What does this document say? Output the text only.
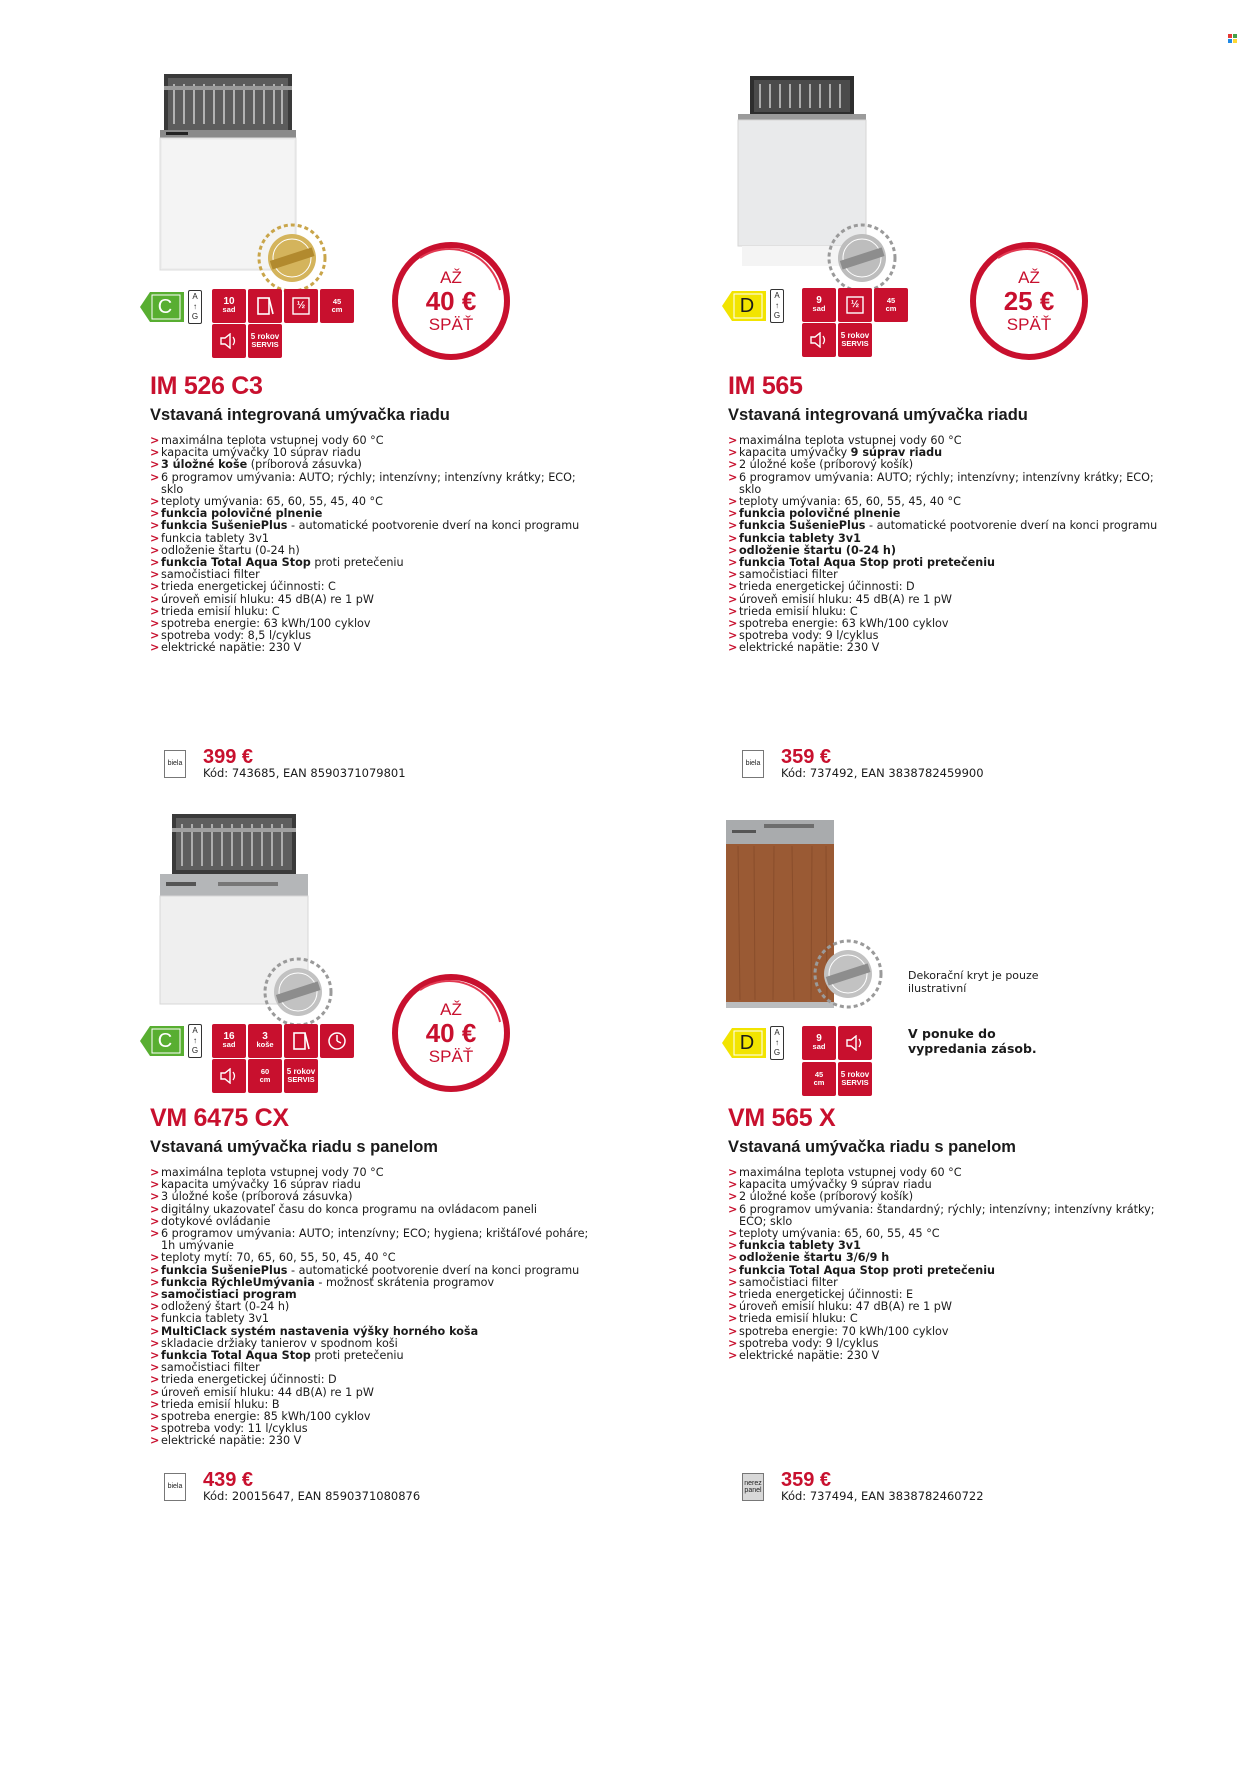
C	A
↑
G
10
sad	½	45
cm
5 rokov
SERVIS
AŽ
40 €
SPÄŤ
IM 526 C3
Vstavaná integrovaná umývačka riadu
> maximálna teplota vstupnej vody 60 °C
> kapacita umývačky 10 súprav riadu
> 3 úložné koše (príborová zásuvka)
> 6 programov umývania: AUTO; rýchly; intenzívny; intenzívny krátky; ECO; sklo
> teploty umývania: 65, 60, 55, 45, 40 °C
> funkcia polovičné plnenie
> funkcia SušeniePlus - automatické pootvorenie dverí na konci programu
> funkcia tablety 3v1
> odloženie štartu (0-24 h)
> funkcia Total Aqua Stop proti pretečeniu
> samočistiaci filter
> trieda energetickej účinnosti: C
> úroveň emisií hluku: 45 dB(A) re 1 pW
> trieda emisií hluku: C
> spotreba energie: 63 kWh/100 cyklov
> spotreba vody: 8,5 l/cyklus
> elektrické napätie: 230 V
biela 399 €
Kód: 743685, EAN 8590371079801
D	A
↑
G
9
sad	½	45
cm
5 rokov
SERVIS
AŽ
25 €
SPÄŤ
IM 565
Vstavaná integrovaná umývačka riadu
> maximálna teplota vstupnej vody 60 °C
> kapacita umývačky 9 súprav riadu
> 2 úložné koše (príborový košík)
> 6 programov umývania: AUTO; rýchly; intenzívny; intenzívny krátky; ECO; sklo
> teploty umývania: 65, 60, 55, 45, 40 °C
> funkcia polovičné plnenie
> funkcia SušeniePlus - automatické pootvorenie dverí na konci programu
> funkcia tablety 3v1
> odloženie štartu (0-24 h)
> funkcia Total Aqua Stop proti pretečeniu
> samočistiaci filter
> trieda energetickej účinnosti: D
> úroveň emisií hluku: 45 dB(A) re 1 pW
> trieda emisií hluku: C
> spotreba energie: 63 kWh/100 cyklov
> spotreba vody: 9 l/cyklus
> elektrické napätie: 230 V
biela 359 €
Kód: 737492, EAN 3838782459900
C	A
↑
G
16
sad
3
koše
60
cm
5 rokov
SERVIS
AŽ
40 €
SPÄŤ
VM 6475 CX
Vstavaná umývačka riadu s panelom
> maximálna teplota vstupnej vody 70 °C
> kapacita umývačky 16 súprav riadu
> 3 úložné koše (príborová zásuvka)
> digitálny ukazovateľ času do konca programu na ovládacom paneli
> dotykové ovládanie
> 6 programov umývania: AUTO; intenzívny; ECO; hygiena; krištáľové poháre; 1h umývanie
> teploty mytí: 70, 65, 60, 55, 50, 45, 40 °C
> funkcia SušeniePlus - automatické pootvorenie dverí na konci programu
> funkcia RýchleUmývania - možnosť skrátenia programov
> samočistiaci program
> odložený štart (0-24 h)
> funkcia tablety 3v1
> MultiClack systém nastavenia výšky horného koša
> skladacie držiaky tanierov v spodnom koši
> funkcia Total Aqua Stop proti pretečeniu
> samočistiaci filter
> trieda energetickej účinnosti: D
> úroveň emisií hluku: 44 dB(A) re 1 pW
> trieda emisií hluku: B
> spotreba energie: 85 kWh/100 cyklov
> spotreba vody: 11 l/cyklus
> elektrické napätie: 230 V
biela 439 €
Kód: 20015647, EAN 8590371080876
Dekorační kryt je pouze ilustrativní
V ponuke do vypredania zásob.
D	A
↑
G
9
sad
45
cm
5 rokov
SERVIS
VM 565 X
Vstavaná umývačka riadu s panelom
> maximálna teplota vstupnej vody 60 °C
> kapacita umývačky 9 súprav riadu
> 2 úložné koše (príborový košík)
> 6 programov umývania: štandardný; rýchly; intenzívny; intenzívny krátky; ECO; sklo
> teploty umývania: 65, 60, 55, 45 °C
> funkcia tablety 3v1
> odloženie štartu 3/6/9 h
> funkcia Total Aqua Stop proti pretečeniu
> samočistiaci filter
> trieda energetickej účinnosti: E
> úroveň emisií hluku: 47 dB(A) re 1 pW
> trieda emisií hluku: C
> spotreba energie: 70 kWh/100 cyklov
> spotreba vody: 9 l/cyklus
> elektrické napätie: 230 V
nerez panel 359 €
Kód: 737494, EAN 3838782460722
